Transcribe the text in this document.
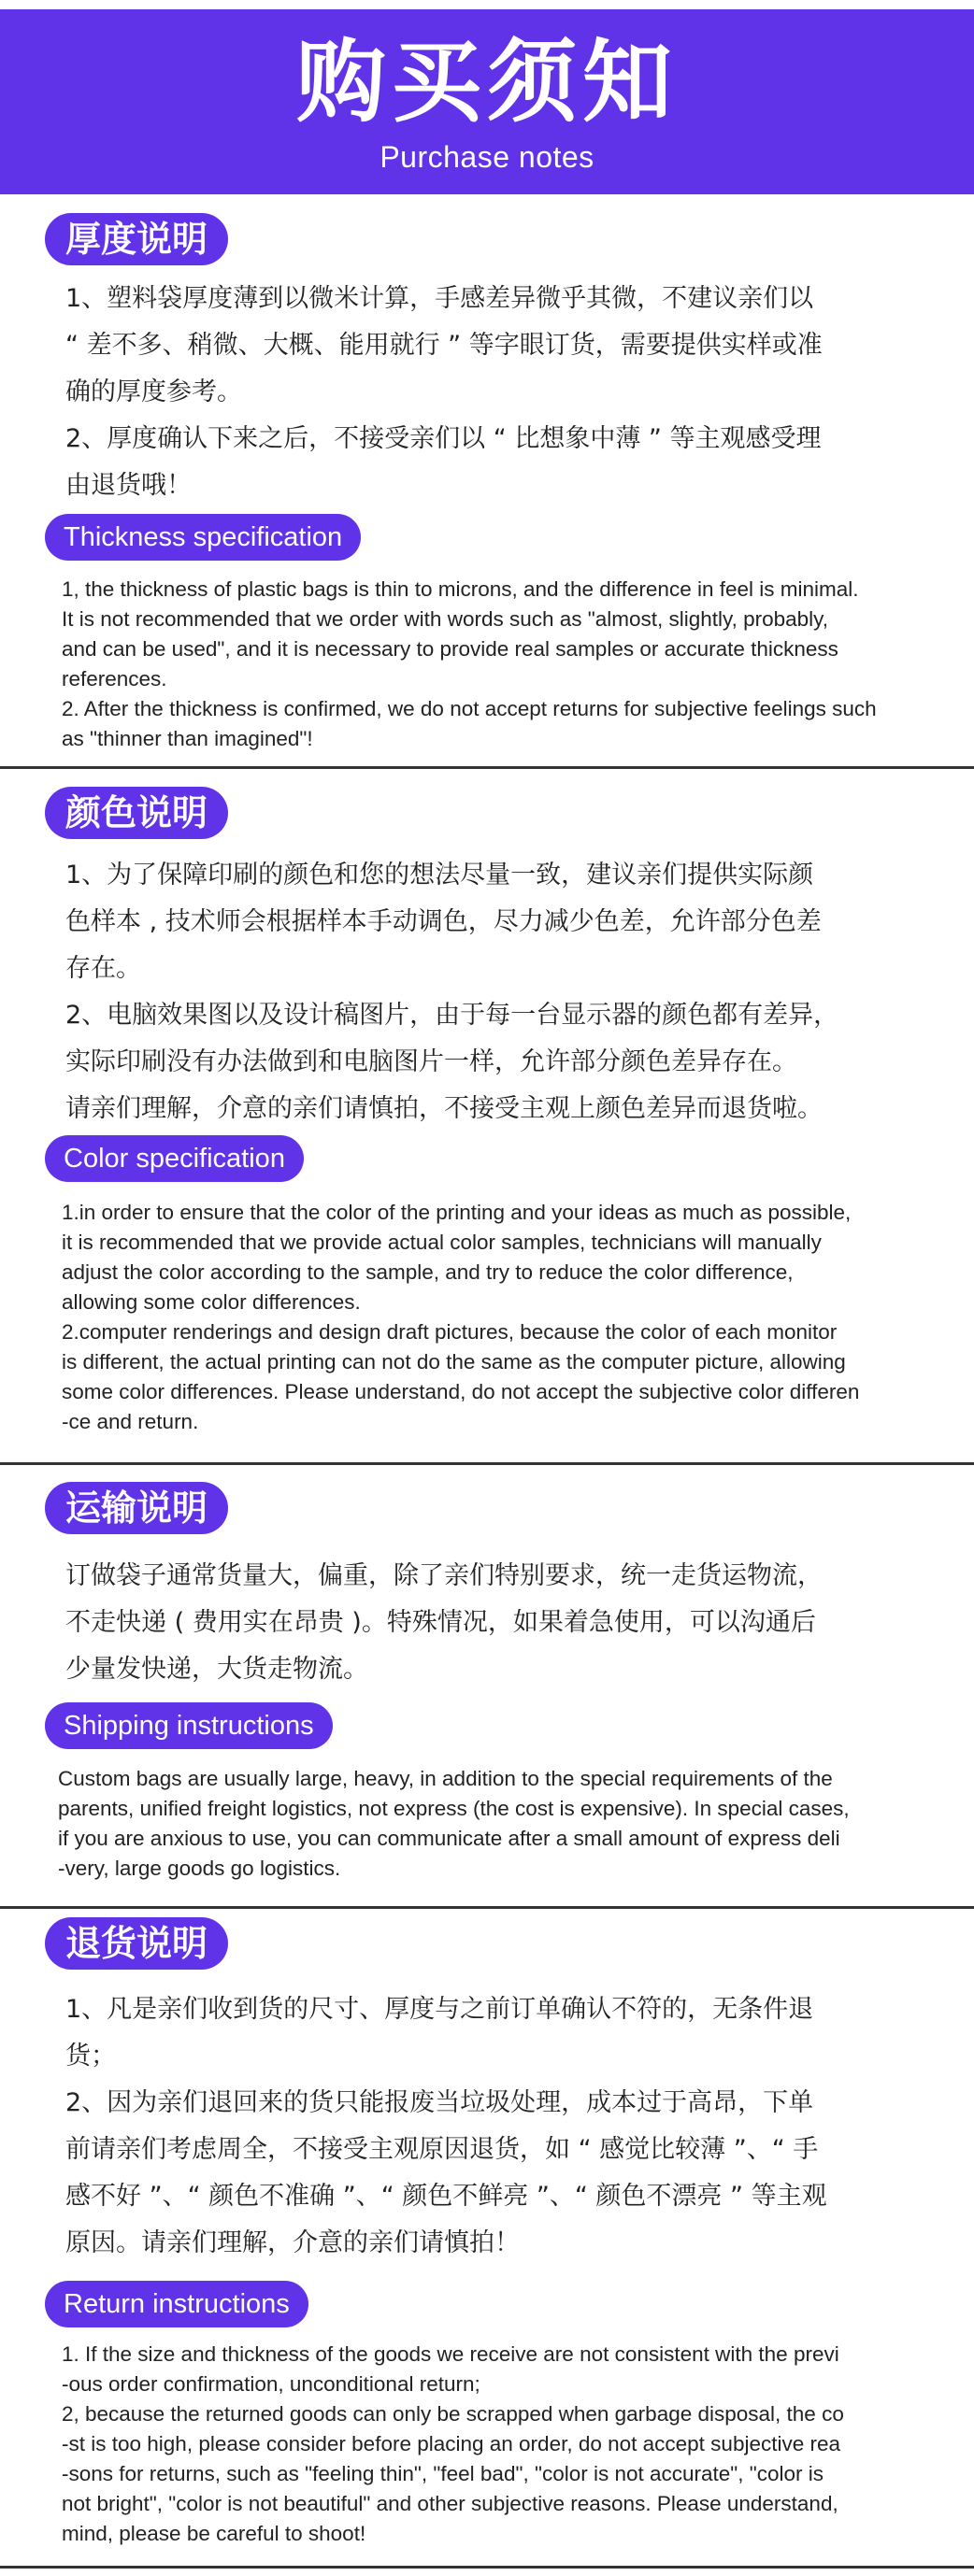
购买须知
Purchase notes
厚度说明
1、塑料袋厚度薄到以微米计算，手感差异微乎其微，不建议亲们以
“ 差不多、稍微、大概、能用就行 ” 等字眼订货，需要提供实样或准
确的厚度参考。
2、厚度确认下来之后，不接受亲们以 “ 比想象中薄 ” 等主观感受理
由退货哦！
Thickness specification
1, the thickness of plastic bags is thin to microns, and the difference in feel is minimal.
It is not recommended that we order with words such as "almost, slightly, probably,
and can be used", and it is necessary to provide real samples or accurate thickness
references.
2. After the thickness is confirmed, we do not accept returns for subjective feelings such
as "thinner than imagined"!
颜色说明
1、为了保障印刷的颜色和您的想法尽量一致，建议亲们提供实际颜
色样本 , 技术师会根据样本手动调色，尽力减少色差，允许部分色差
存在。
2、电脑效果图以及设计稿图片，由于每一台显示器的颜色都有差异，
实际印刷没有办法做到和电脑图片一样，允许部分颜色差异存在。
请亲们理解，介意的亲们请慎拍，不接受主观上颜色差异而退货啦。
Color specification
1.in order to ensure that the color of the printing and your ideas as much as possible,
it is recommended that we provide actual color samples, technicians will manually
adjust the color according to the sample, and try to reduce the color difference,
allowing some color differences.
2.computer renderings and design draft pictures, because the color of each monitor
is different, the actual printing can not do the same as the computer picture, allowing
some color differences. Please understand, do not accept the subjective color differen
-ce and return.
运输说明
订做袋子通常货量大，偏重，除了亲们特别要求，统一走货运物流，
不走快递 ( 费用实在昂贵 )。特殊情况，如果着急使用，可以沟通后
少量发快递，大货走物流。
Shipping instructions
Custom bags are usually large, heavy, in addition to the special requirements of the
parents, unified freight logistics, not express (the cost is expensive). In special cases,
if you are anxious to use, you can communicate after a small amount of express deli
-very, large goods go logistics.
退货说明
1、凡是亲们收到货的尺寸、厚度与之前订单确认不符的，无条件退
货；
2、因为亲们退回来的货只能报废当垃圾处理，成本过于高昂，下单
前请亲们考虑周全，不接受主观原因退货，如 “ 感觉比较薄 ”、“ 手
感不好 ”、“ 颜色不准确 ”、“ 颜色不鲜亮 ”、“ 颜色不漂亮 ” 等主观
原因。请亲们理解，介意的亲们请慎拍！
Return instructions
1. If the size and thickness of the goods we receive are not consistent with the previ
-ous order confirmation, unconditional return;
2, because the returned goods can only be scrapped when garbage disposal, the co
-st is too high, please consider before placing an order, do not accept subjective rea
-sons for returns, such as "feeling thin", "feel bad", "color is not accurate", "color is
not bright", "color is not beautiful" and other subjective reasons. Please understand,
mind, please be careful to shoot!
